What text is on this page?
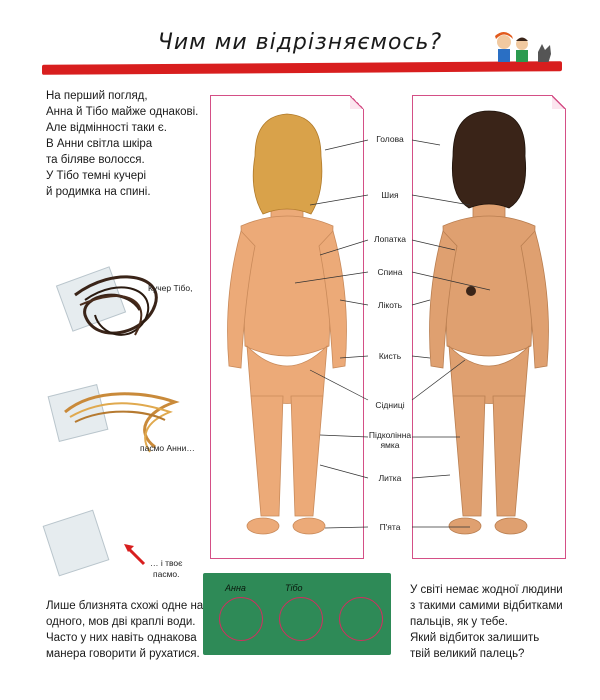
Чим ми відрізняємось?
На перший погляд,
Анна й Тібо майже однакові.
Але відмінності таки є.
В Анни світла шкіра
та біляве волосся.
У Тібо темні кучері
й родимка на спині.
Кучер Тібо,
пасмо Анни…
… і твоє
пасмо.
Голова
Шия
Лопатка
Спина
Лікоть
Кисть
Сідниці
Підколінна
ямка
Литка
П'ята
Лише близнята схожі одне на
одного, мов дві краплі води.
Часто у них навіть однакова
манера говорити й рухатися.
Анна	Тібо	У світі немає жодної людини
з такими самими відбитками
пальців, як у тебе.
Який відбиток залишить
твій великий палець?
